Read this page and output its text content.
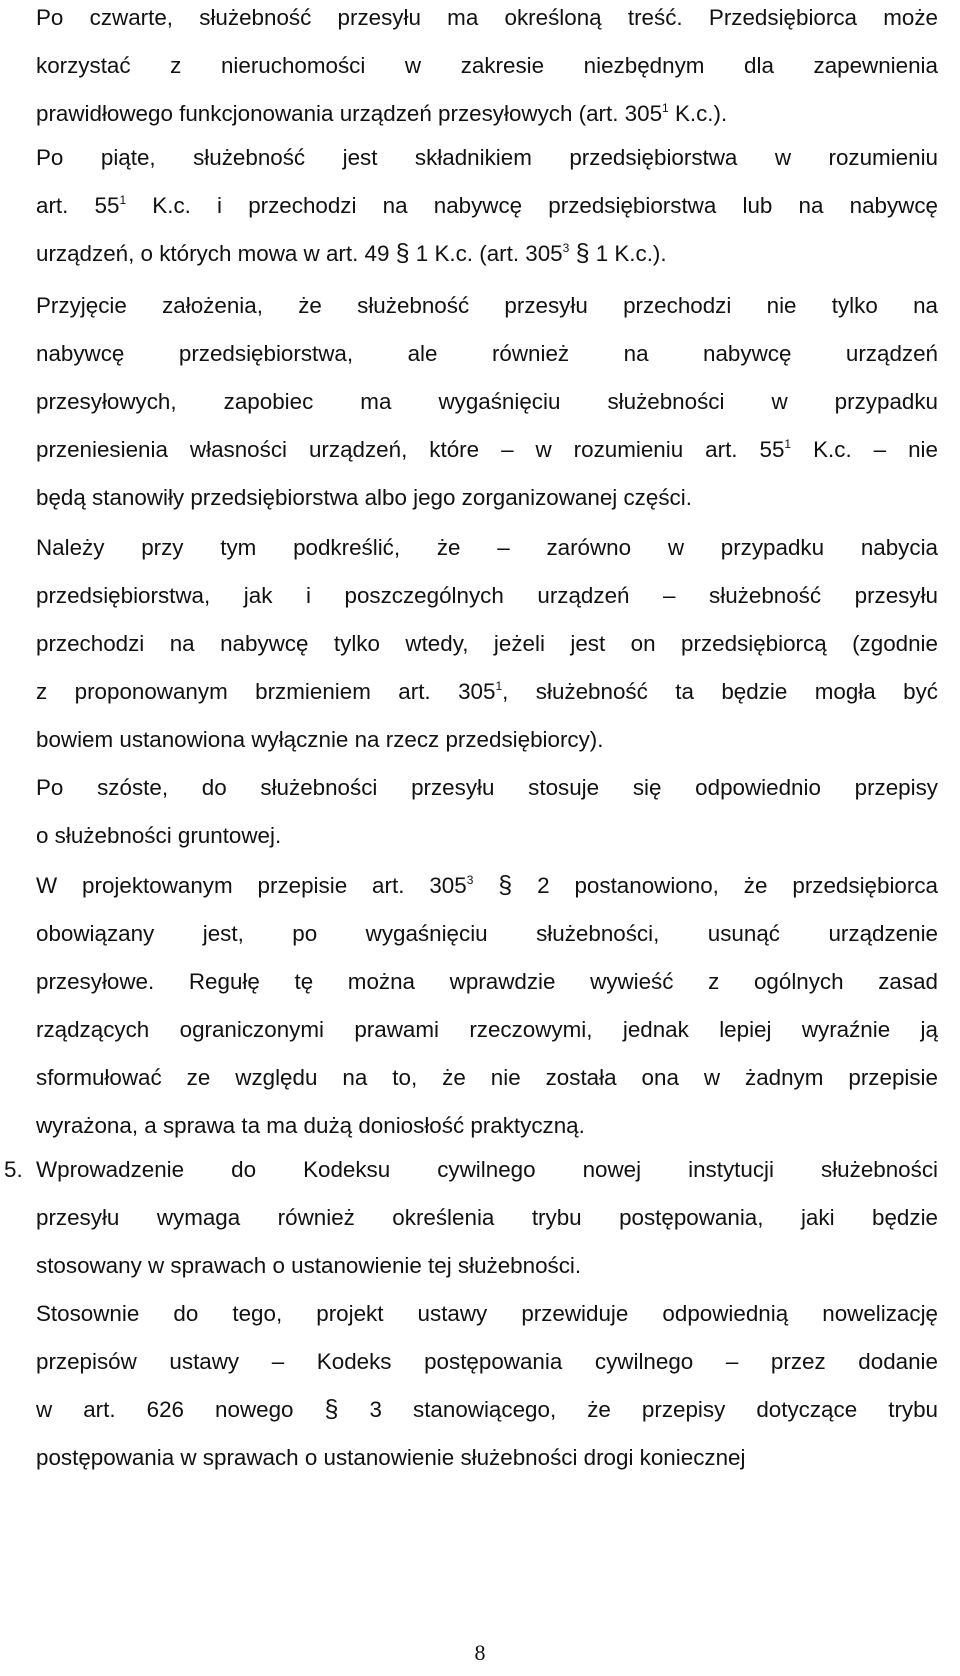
Po czwarte, służebność przesyłu ma określoną treść. Przedsiębiorca może
korzystać z nieruchomości w zakresie niezbędnym dla zapewnienia
prawidłowego funkcjonowania urządzeń przesyłowych (art. $305^1$ K.c.).
Po piąte, służebność jest składnikiem przedsiębiorstwa w rozumieniu
art. $55^1$ K.c. i przechodzi na nabywcę przedsiębiorstwa lub na nabywcę
urządzeń, o których mowa w art. 49 § 1 K.c. (art. $305^3$ § 1 K.c.).
Przyjęcie założenia, że służebność przesyłu przechodzi nie tylko na
nabywcę przedsiębiorstwa, ale również na nabywcę urządzeń
przesyłowych, zapobiec ma wygaśnięciu służebności w przypadku
przeniesienia własności urządzeń, które – w rozumieniu art. $55^1$ K.c. – nie
będą stanowiły przedsiębiorstwa albo jego zorganizowanej części.
Należy przy tym podkreślić, że – zarówno w przypadku nabycia
przedsiębiorstwa, jak i poszczególnych urządzeń – służebność przesyłu
przechodzi na nabywcę tylko wtedy, jeżeli jest on przedsiębiorcą (zgodnie
z proponowanym brzmieniem art. $305^1$, służebność ta będzie mogła być
bowiem ustanowiona wyłącznie na rzecz przedsiębiorcy).
Po szóste, do służebności przesyłu stosuje się odpowiednio przepisy
o służebności gruntowej.
W projektowanym przepisie art. $305^3$ § 2 postanowiono, że przedsiębiorca
obowiązany jest, po wygaśnięciu służebności, usunąć urządzenie
przesyłowe. Regułę tę można wprawdzie wywieść z ogólnych zasad
rządzących ograniczonymi prawami rzeczowymi, jednak lepiej wyraźnie ją
sformułować ze względu na to, że nie została ona w żadnym przepisie
wyrażona, a sprawa ta ma dużą doniosłość praktyczną.
5. Wprowadzenie do Kodeksu cywilnego nowej instytucji służebności
przesyłu wymaga również określenia trybu postępowania, jaki będzie
stosowany w sprawach o ustanowienie tej służebności.
Stosownie do tego, projekt ustawy przewiduje odpowiednią nowelizację
przepisów ustawy – Kodeks postępowania cywilnego – przez dodanie
w art. 626 nowego § 3 stanowiącego, że przepisy dotyczące trybu
postępowania w sprawach o ustanowienie służebności drogi koniecznej
8
